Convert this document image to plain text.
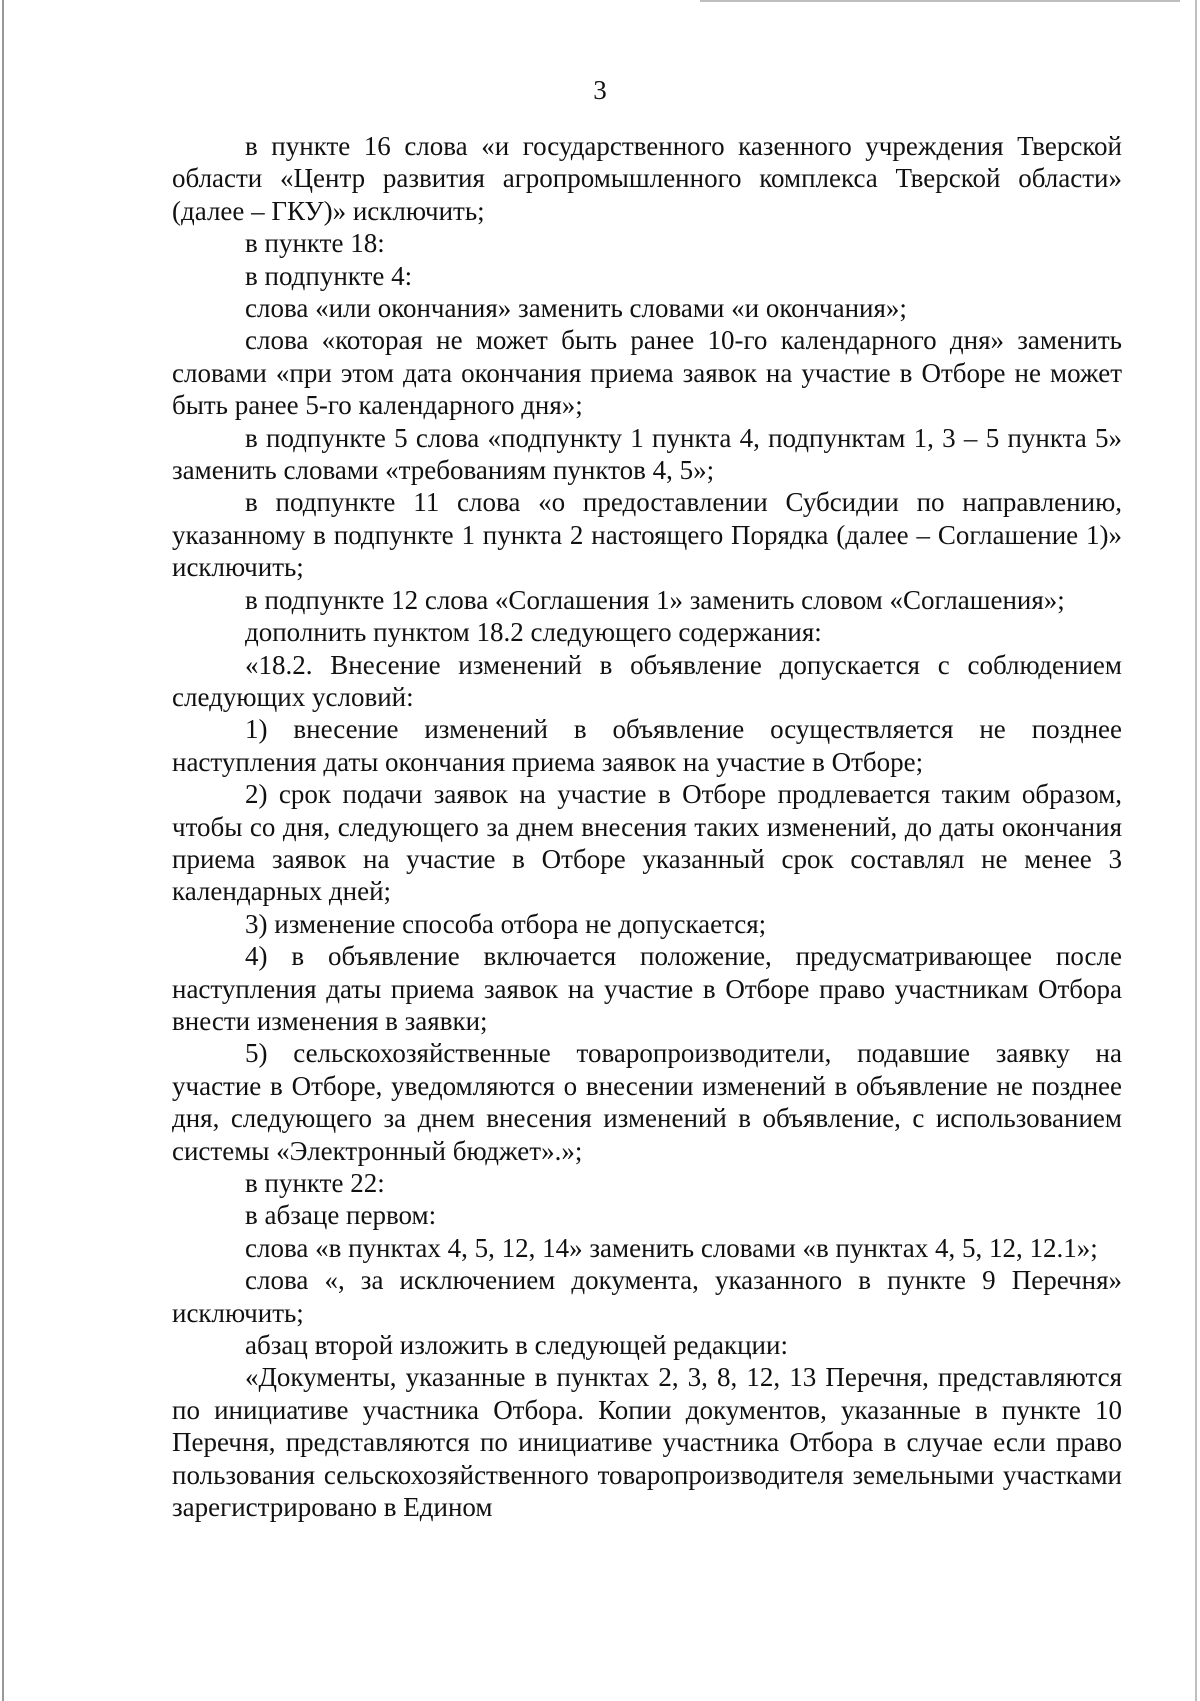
3

в пункте 16 слова «и государственного казенного учреждения Тверской области «Центр развития агропромышленного комплекса Тверской области» (далее – ГКУ)» исключить;

в пункте 18:

в подпункте 4:

слова «или окончания» заменить словами «и окончания»;

слова «которая не может быть ранее 10-го календарного дня» заменить словами «при этом дата окончания приема заявок на участие в Отборе не может быть ранее 5-го календарного дня»;

в подпункте 5 слова «подпункту 1 пункта 4, подпунктам 1, 3 – 5 пункта 5» заменить словами «требованиям пунктов 4, 5»;

в подпункте 11 слова «о предоставлении Субсидии по направлению, указанному в подпункте 1 пункта 2 настоящего Порядка (далее – Соглашение 1)» исключить;

в подпункте 12 слова «Соглашения 1» заменить словом «Соглашения»;

дополнить пунктом 18.2 следующего содержания:

«18.2. Внесение изменений в объявление допускается с соблюдением следующих условий:

1) внесение изменений в объявление осуществляется не позднее наступления даты окончания приема заявок на участие в Отборе;

2) срок подачи заявок на участие в Отборе продлевается таким образом, чтобы со дня, следующего за днем внесения таких изменений, до даты окончания приема заявок на участие в Отборе указанный срок составлял не менее 3 календарных дней;

3) изменение способа отбора не допускается;

4) в объявление включается положение, предусматривающее после наступления даты приема заявок на участие в Отборе право участникам Отбора внести изменения в заявки;

5) сельскохозяйственные товаропроизводители, подавшие заявку на участие в Отборе, уведомляются о внесении изменений в объявление не позднее дня, следующего за днем внесения изменений в объявление, с использованием системы «Электронный бюджет».»;

в пункте 22:

в абзаце первом:

слова «в пунктах 4, 5, 12, 14» заменить словами «в пунктах 4, 5, 12, 12.1»;

слова «, за исключением документа, указанного в пункте 9 Перечня» исключить;

абзац второй изложить в следующей редакции:

«Документы, указанные в пунктах 2, 3, 8, 12, 13 Перечня, представляются по инициативе участника Отбора. Копии документов, указанные в пункте 10 Перечня, представляются по инициативе участника Отбора в случае если право пользования сельскохозяйственного товаропроизводителя земельными участками зарегистрировано в Едином
